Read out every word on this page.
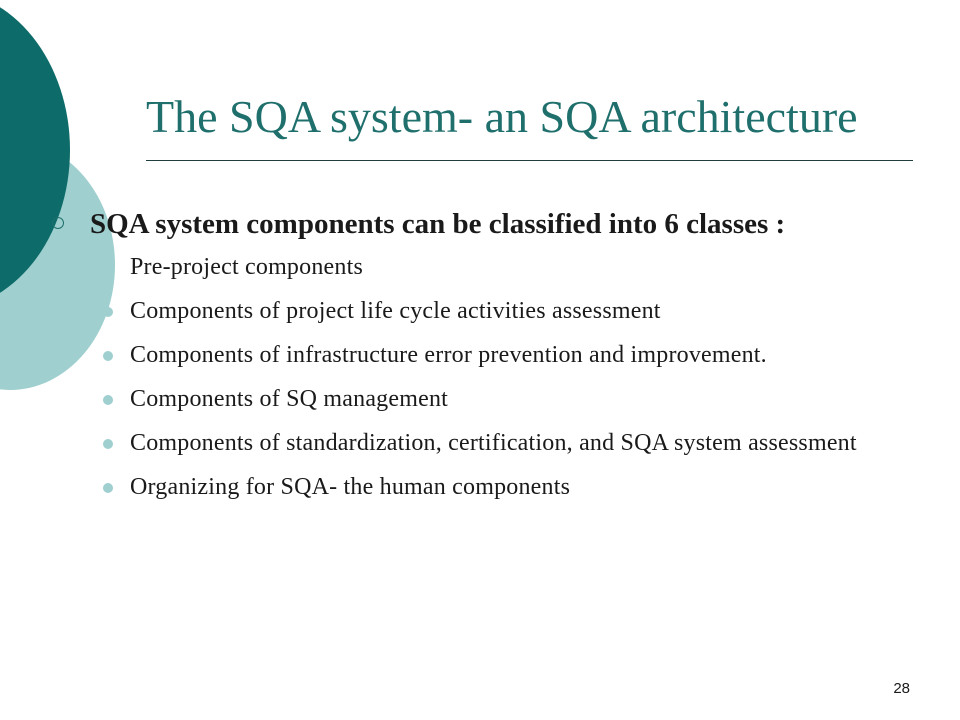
The SQA system- an SQA architecture
SQA system components can be classified into 6 classes :
Pre-project components
Components of project life cycle activities assessment
Components of infrastructure error prevention and improvement.
Components of SQ management
Components of standardization, certification, and SQA system assessment
Organizing for SQA- the human components
28
